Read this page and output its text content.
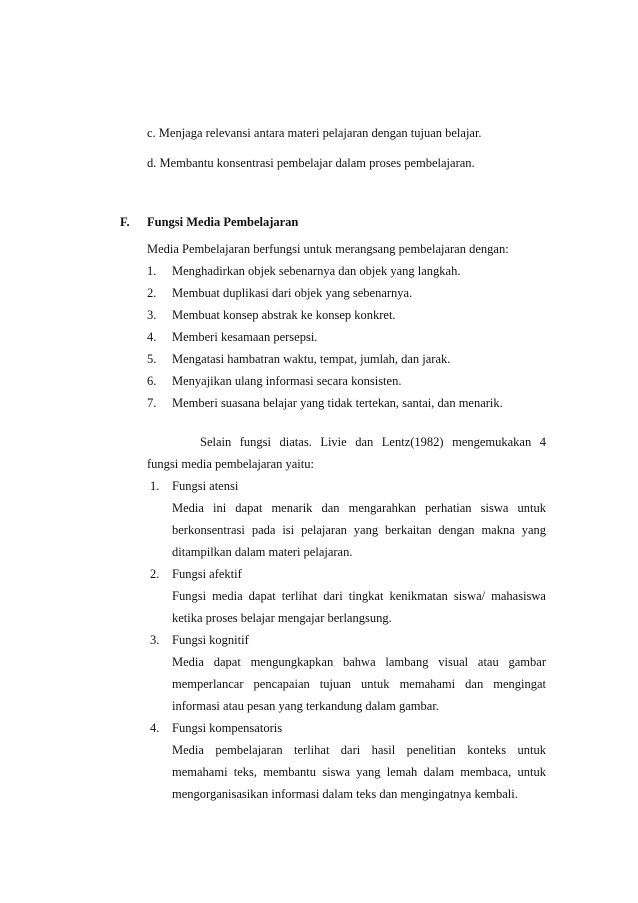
c. Menjaga relevansi antara materi pelajaran dengan tujuan belajar.
d. Membantu konsentrasi pembelajar dalam proses pembelajaran.
F. Fungsi Media Pembelajaran
Media Pembelajaran berfungsi untuk merangsang pembelajaran dengan:
1. Menghadirkan objek sebenarnya dan objek yang langkah.
2. Membuat duplikasi dari objek yang sebenarnya.
3. Membuat konsep abstrak ke konsep konkret.
4. Memberi kesamaan persepsi.
5. Mengatasi hambatran waktu, tempat, jumlah, dan jarak.
6. Menyajikan ulang informasi secara konsisten.
7. Memberi suasana belajar yang tidak tertekan, santai, dan menarik.
Selain fungsi diatas. Livie dan Lentz(1982) mengemukakan 4
fungsi media pembelajaran yaitu:
1. Fungsi atensi
Media ini dapat menarik dan mengarahkan perhatian siswa untuk
berkonsentrasi pada isi pelajaran yang berkaitan dengan makna yang
ditampilkan dalam materi pelajaran.
2. Fungsi afektif
Fungsi media dapat terlihat dari tingkat kenikmatan siswa/ mahasiswa
ketika proses belajar mengajar berlangsung.
3. Fungsi kognitif
Media dapat mengungkapkan bahwa lambang visual atau gambar
memperlancar pencapaian tujuan untuk memahami dan mengingat
informasi atau pesan yang terkandung dalam gambar.
4. Fungsi kompensatoris
Media pembelajaran terlihat dari hasil penelitian konteks untuk
memahami teks, membantu siswa yang lemah dalam membaca, untuk
mengorganisasikan informasi dalam teks dan mengingatnya kembali.
